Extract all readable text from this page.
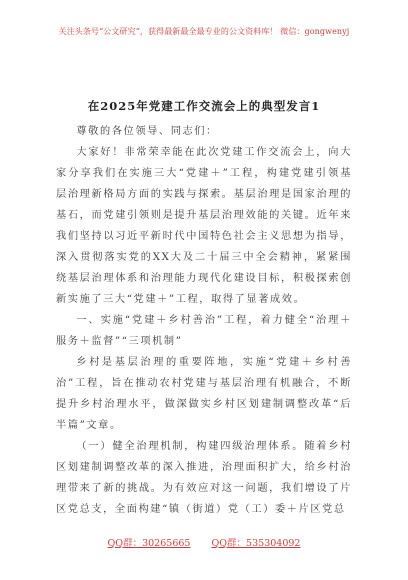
关注头条号“公文研究”，获得最新最全最专业的公文资料库！ 微信：gongwenyj
在2025年党建工作交流会上的典型发言1

尊敬的各位领导、同志们：

大家好！非常荣幸能在此次党建工作交流会上，向大家分享我们在实施三大“党建＋”工程，构建党建引领基层治理新格局方面的实践与探索。基层治理是国家治理的基石，而党建引领则是提升基层治理效能的关键。近年来我们坚持以习近平新时代中国特色社会主义思想为指导，深入贯彻落实党的XX大及二十届三中全会精神，紧紧围绕基层治理体系和治理能力现代化建设目标，积极探索创新实施了三大“党建＋”工程，取得了显著成效。

一、实施“党建＋乡村善治”工程，着力健全“治理＋服务＋监督”“三项机制”

乡村是基层治理的重要阵地，实施“党建＋乡村善治”工程，旨在推动农村党建与基层治理有机融合，不断提升乡村治理水平，做深做实乡村区划建制调整改革“后半篇”文章。

（一）健全治理机制，构建四级治理体系。随着乡村区划建制调整改革的深入推进，治理面积扩大，给乡村治理带来了新的挑战。为有效应对这一问题，我们增设了片区党总支，全面构建“镇（街道）党（工）委＋片区党总

QQ群：30265665 QQ群：535304092
